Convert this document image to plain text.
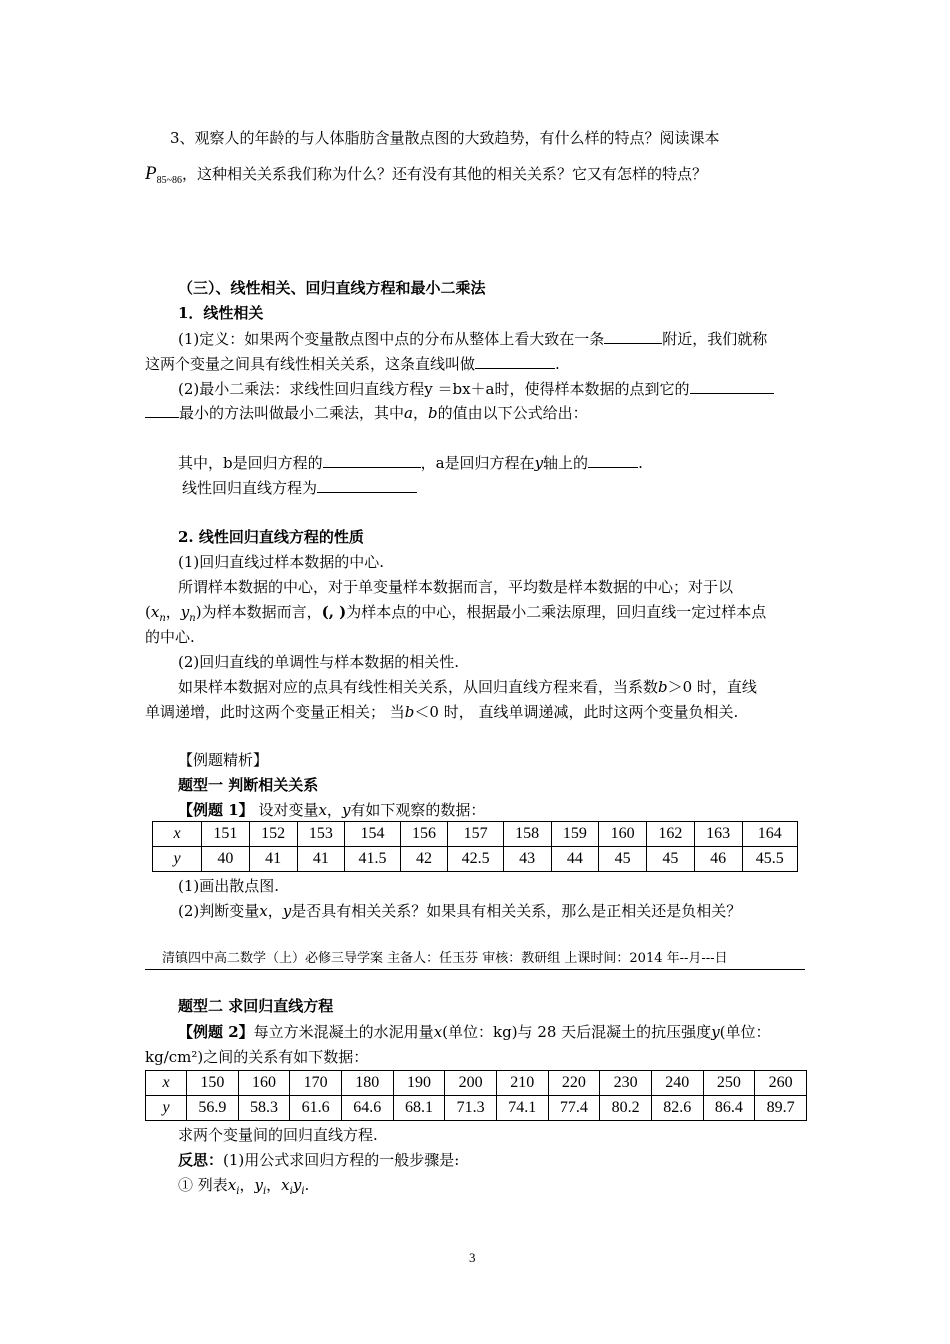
3、观察人的年龄的与人体脂肪含量散点图的大致趋势，有什么样的特点？阅读课本
$P_{85\sim 86}$，这种相关关系我们称为什么？还有没有其他的相关关系？它又有怎样的特点？
（三）、线性相关、回归直线方程和最小二乘法
1．线性相关
(1)定义：如果两个变量散点图中点的分布从整体上看大致在一条	附近，我们就称
这两个变量之间具有线性相关关系，这条直线叫做	.
(2)最小二乘法：求线性回归直线方程y ＝bx＋a时，使得样本数据的点到它的
最小的方法叫做最小二乘法，其中a，b的值由以下公式给出：
其中，b是回归方程的	，a是回归方程在y轴上的	.
线性回归直线方程为
2. 线性回归直线方程的性质
(1)回归直线过样本数据的中心.
所谓样本数据的中心，对于单变量样本数据而言，平均数是样本数据的中心；对于以
($x_n$，$y_n$)为样本数据而言，(, )为样本点的中心，根据最小二乘法原理，回归直线一定过样本点
的中心.
(2)回归直线的单调性与样本数据的相关性.
如果样本数据对应的点具有线性相关关系，从回归直线方程来看，当系数b＞0 时，直线
单调递增，此时这两个变量正相关； 当b＜0 时， 直线单调递减，此时这两个变量负相关.
【例题精析】
题型一 判断相关关系
【例题 1】 设对变量x，y有如下观察的数据：
x	151	152	153	154	156	157	158	159	160	162	163	164
y	40	41	41	41.5	42	42.5	43	44	45	45	46	45.5
(1)画出散点图.
(2)判断变量x，y是否具有相关关系？如果具有相关关系，那么是正相关还是负相关？
清镇四中高二数学（上）必修三导学案 主备人：任玉芬 审核：教研组 上课时间：2014 年--月---日
题型二 求回归直线方程
【例题 2】每立方米混凝土的水泥用量x(单位：kg)与 28 天后混凝土的抗压强度y(单位：
kg/cm²)之间的关系有如下数据：
x	150	160	170	180	190	200	210	220	230	240	250	260
y	56.9	58.3	61.6	64.6	68.1	71.3	74.1	77.4	80.2	82.6	86.4	89.7
求两个变量间的回归直线方程.
反思：(1)用公式求回归方程的一般步骤是:
① 列表$x_i$，$y_i$，$x_iy_i$.
3
